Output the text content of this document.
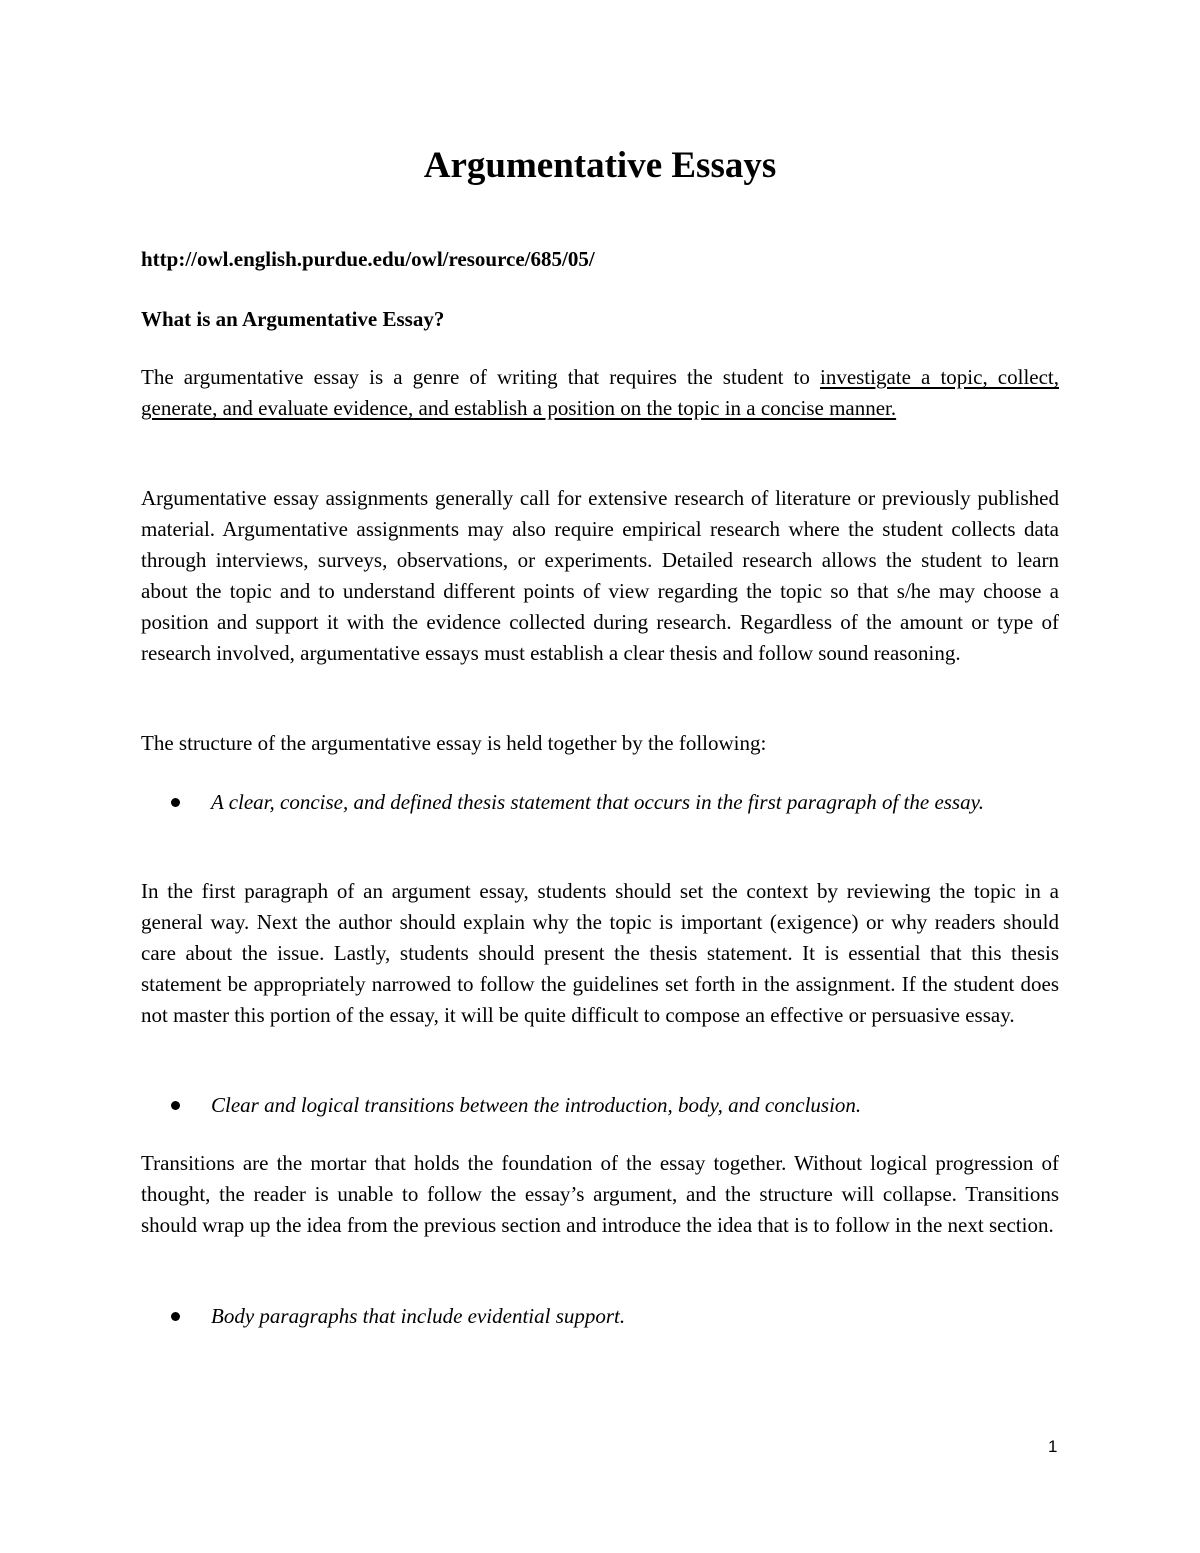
Argumentative Essays

http://owl.english.purdue.edu/owl/resource/685/05/

What is an Argumentative Essay?

The argumentative essay is a genre of writing that requires the student to investigate a topic, collect, generate, and evaluate evidence, and establish a position on the topic in a concise manner.

Argumentative essay assignments generally call for extensive research of literature or previously published material. Argumentative assignments may also require empirical research where the student collects data through interviews, surveys, observations, or experiments. Detailed research allows the student to learn about the topic and to understand different points of view regarding the topic so that s/he may choose a position and support it with the evidence collected during research. Regardless of the amount or type of research involved, argumentative essays must establish a clear thesis and follow sound reasoning.

The structure of the argumentative essay is held together by the following:

A clear, concise, and defined thesis statement that occurs in the first paragraph of the essay.

In the first paragraph of an argument essay, students should set the context by reviewing the topic in a general way. Next the author should explain why the topic is important (exigence) or why readers should care about the issue. Lastly, students should present the thesis statement. It is essential that this thesis statement be appropriately narrowed to follow the guidelines set forth in the assignment. If the student does not master this portion of the essay, it will be quite difficult to compose an effective or persuasive essay.

Clear and logical transitions between the introduction, body, and conclusion.

Transitions are the mortar that holds the foundation of the essay together. Without logical progression of thought, the reader is unable to follow the essay’s argument, and the structure will collapse. Transitions should wrap up the idea from the previous section and introduce the idea that is to follow in the next section.

Body paragraphs that include evidential support.

1
